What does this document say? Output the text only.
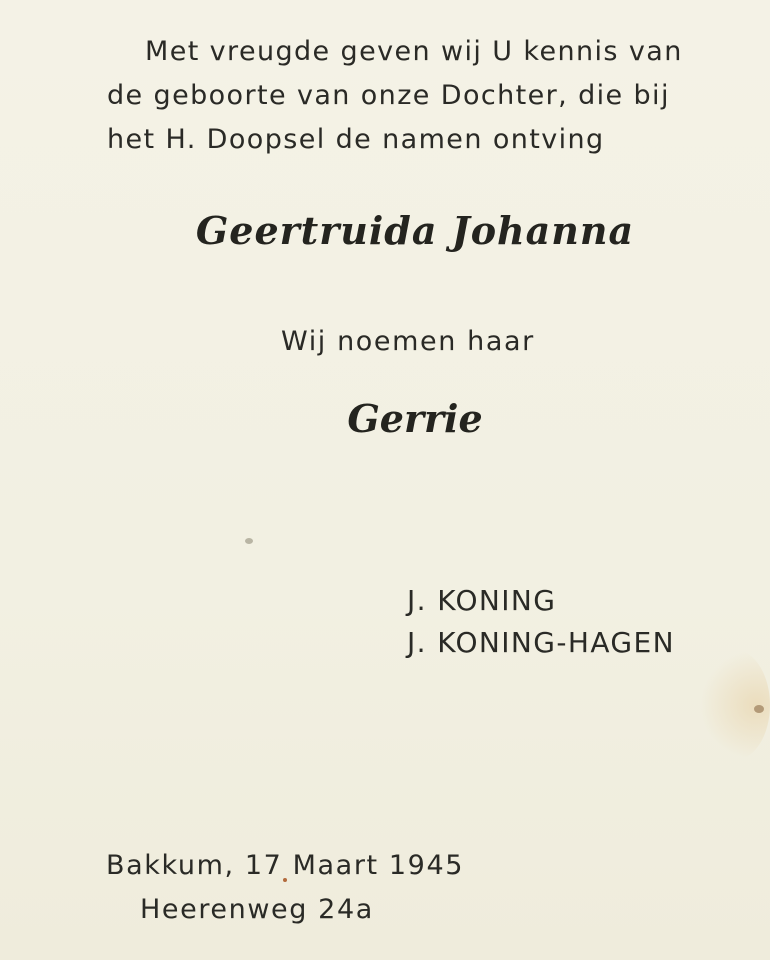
Met vreugde geven wij U kennis van
de geboorte van onze Dochter, die bij
het H. Doopsel de namen ontving

Geertruida Johanna

Wij noemen haar

Gerrie

J. KONING
J. KONING-HAGEN

Bakkum, 17 Maart 1945
Heerenweg 24a
